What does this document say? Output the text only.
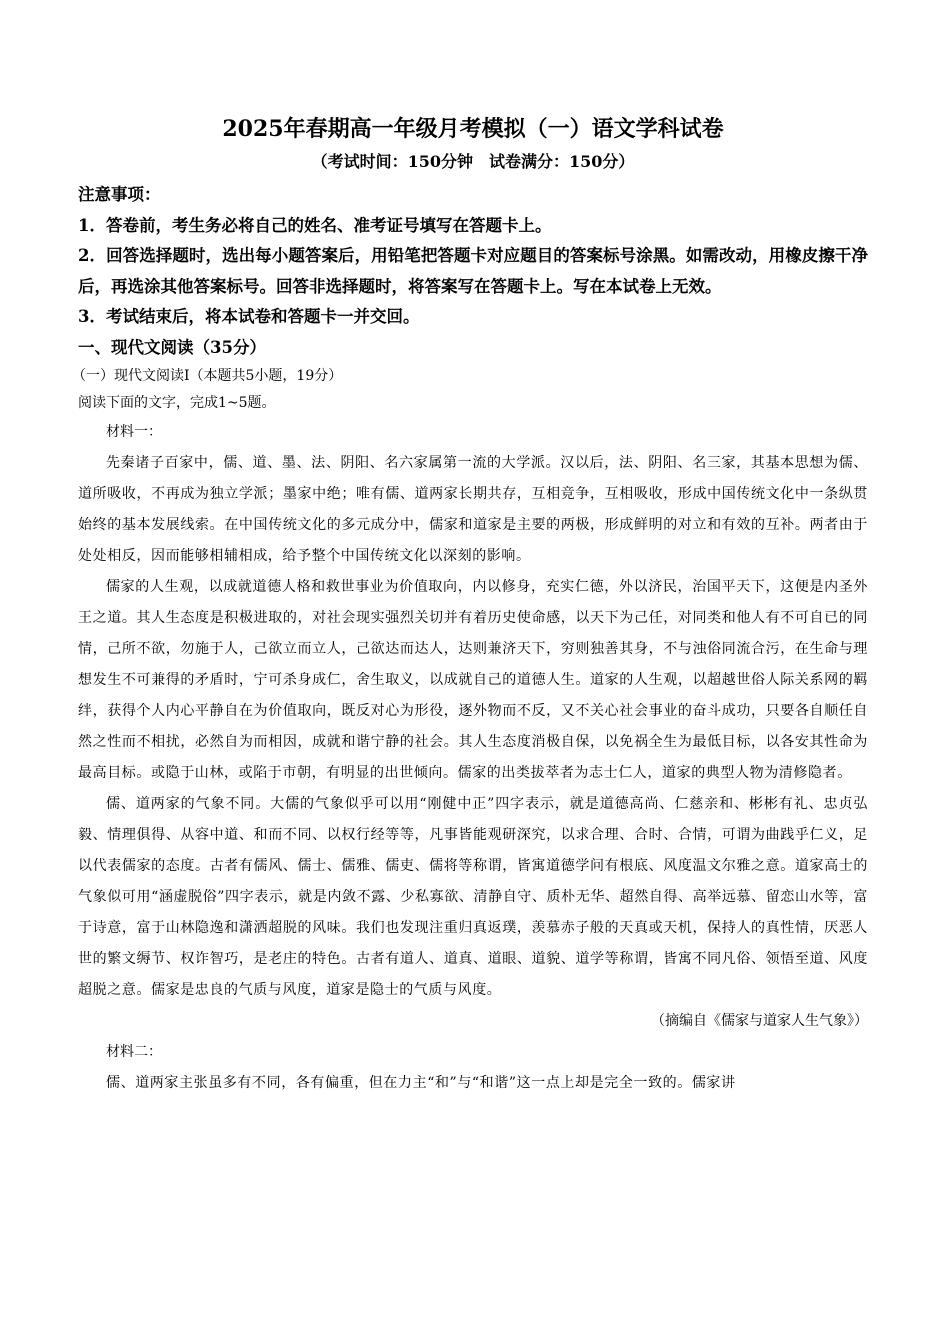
2025年春期高一年级月考模拟（一）语文学科试卷

（考试时间：150分钟　试卷满分：150分）

注意事项：

1．答卷前，考生务必将自己的姓名、准考证号填写在答题卡上。

2．回答选择题时，选出每小题答案后，用铅笔把答题卡对应题目的答案标号涂黑。如需改动，用橡皮擦干净后，再选涂其他答案标号。回答非选择题时，将答案写在答题卡上。写在本试卷上无效。

3．考试结束后，将本试卷和答题卡一并交回。

一、现代文阅读（35分）

（一）现代文阅读Ⅰ（本题共5小题，19分）

阅读下面的文字，完成1~5题。

材料一：

先秦诸子百家中，儒、道、墨、法、阴阳、名六家属第一流的大学派。汉以后，法、阴阳、名三家，其基本思想为儒、道所吸收，不再成为独立学派；墨家中绝；唯有儒、道两家长期共存，互相竞争，互相吸收，形成中国传统文化中一条纵贯始终的基本发展线索。在中国传统文化的多元成分中，儒家和道家是主要的两极，形成鲜明的对立和有效的互补。两者由于处处相反，因而能够相辅相成，给予整个中国传统文化以深刻的影响。

儒家的人生观，以成就道德人格和救世事业为价值取向，内以修身，充实仁德，外以济民，治国平天下，这便是内圣外王之道。其人生态度是积极进取的，对社会现实强烈关切并有着历史使命感，以天下为己任，对同类和他人有不可自已的同情，己所不欲，勿施于人，己欲立而立人，己欲达而达人，达则兼济天下，穷则独善其身，不与浊俗同流合污，在生命与理想发生不可兼得的矛盾时，宁可杀身成仁，舍生取义，以成就自己的道德人生。道家的人生观，以超越世俗人际关系网的羁绊，获得个人内心平静自在为价值取向，既反对心为形役，逐外物而不反，又不关心社会事业的奋斗成功，只要各自顺任自然之性而不相扰，必然自为而相因，成就和谐宁静的社会。其人生态度消极自保，以免祸全生为最低目标，以各安其性命为最高目标。或隐于山林，或陷于市朝，有明显的出世倾向。儒家的出类拔萃者为志士仁人，道家的典型人物为清修隐者。

儒、道两家的气象不同。大儒的气象似乎可以用“刚健中正”四字表示，就是道德高尚、仁慈亲和、彬彬有礼、忠贞弘毅、情理俱得、从容中道、和而不同、以权行经等等，凡事皆能观研深究，以求合理、合时、合情，可谓为曲践乎仁义，足以代表儒家的态度。古者有儒风、儒士、儒雅、儒吏、儒将等称谓，皆寓道德学问有根底、风度温文尔雅之意。道家高士的气象似可用“涵虚脱俗”四字表示，就是内敛不露、少私寡欲、清静自守、质朴无华、超然自得、高举远慕、留恋山水等，富于诗意，富于山林隐逸和潇洒超脱的风味。我们也发现注重归真返璞，羡慕赤子般的天真或天机，保持人的真性情，厌恶人世的繁文缛节、权诈智巧，是老庄的特色。古者有道人、道真、道眼、道貌、道学等称谓，皆寓不同凡俗、领悟至道、风度超脱之意。儒家是忠良的气质与风度，道家是隐士的气质与风度。

（摘编自《儒家与道家人生气象》）

材料二：

儒、道两家主张虽多有不同，各有偏重，但在力主“和”与“和谐”这一点上却是完全一致的。儒家讲
